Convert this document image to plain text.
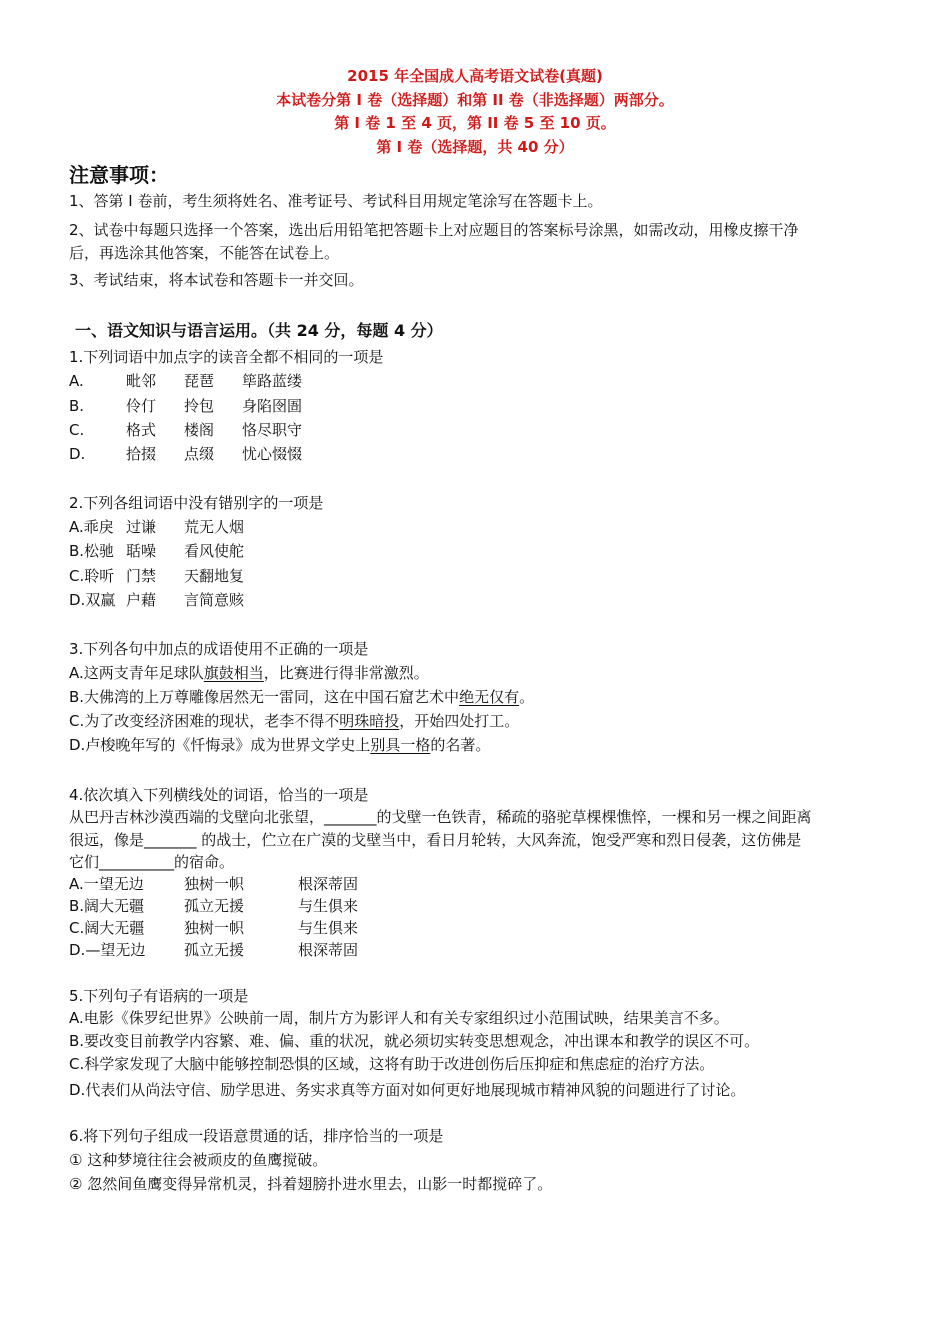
2015 年全国成人高考语文试卷(真题)
本试卷分第 I 卷（选择题）和第 II 卷（非选择题）两部分。
第 I 卷 1 至 4 页，第 II 卷 5 至 10 页。
第 I 卷（选择题，共 40 分）
注意事项：
1、答第 I 卷前，考生须将姓名、准考证号、考试科目用规定笔涂写在答题卡上。
2、试卷中每题只选择一个答案，选出后用铅笔把答题卡上对应题目的答案标号涂黑，如需改动，用橡皮擦干净
后，再选涂其他答案，不能答在试卷上。
3、考试结束，将本试卷和答题卡一并交回。
一、语文知识与语言运用。（共 24 分，每题 4 分）
1.下列词语中加点字的读音全都不相同的一项是
A.	毗邻 琵琶 筚路蓝缕
B.	伶仃 拎包 身陷囹圄
C.	格式 楼阁 恪尽职守
D.	拾掇 点缀 忧心惙惙
2.下列各组词语中没有错别字的一项是
A.乖戾 过谦 荒无人烟
B.松驰 聒噪 看风使舵
C.聆听 门禁 天翻地复
D.双赢 户藉 言简意赅
3.下列各句中加点的成语使用不正确的一项是
A.这两支青年足球队旗鼓相当，比赛进行得非常激烈。
B.大佛湾的上万尊雕像居然无一雷同，这在中国石窟艺术中绝无仅有。
C.为了改变经济困难的现状，老李不得不明珠暗投，开始四处打工。
D.卢梭晚年写的《忏悔录》成为世界文学史上别具一格的名著。
4.依次填入下列横线处的词语，恰当的一项是
从巴丹吉林沙漠西端的戈壁向北张望，_______的戈壁一色铁青，稀疏的骆驼草棵棵憔悴，一棵和另一棵之间距离
很远，像是_______ 的战士，伫立在广漠的戈壁当中，看日月轮转，大风奔流，饱受严寒和烈日侵袭，这仿佛是
它们__________的宿命。
A.一望无边	独树一帜	根深蒂固
B.阔大无疆	孤立无援	与生俱来
C.阔大无疆	独树一帜	与生俱来
D.—望无边	孤立无援	根深蒂固
5.下列句子有语病的一项是
A.电影《侏罗纪世界》公映前一周，制片方为影评人和有关专家组织过小范围试映，结果美言不多。
B.要改变目前教学内容繁、难、偏、重的状况，就必须切实转变思想观念，冲出课本和教学的误区不可。
C.科学家发现了大脑中能够控制恐惧的区域，这将有助于改进创伤后压抑症和焦虑症的治疗方法。
D.代表们从尚法守信、励学思进、务实求真等方面对如何更好地展现城市精神风貌的问题进行了讨论。
6.将下列句子组成一段语意贯通的话，排序恰当的一项是
① 这种梦境往往会被顽皮的鱼鹰搅破。
② 忽然间鱼鹰变得异常机灵，抖着翅膀扑进水里去，山影一时都搅碎了。
